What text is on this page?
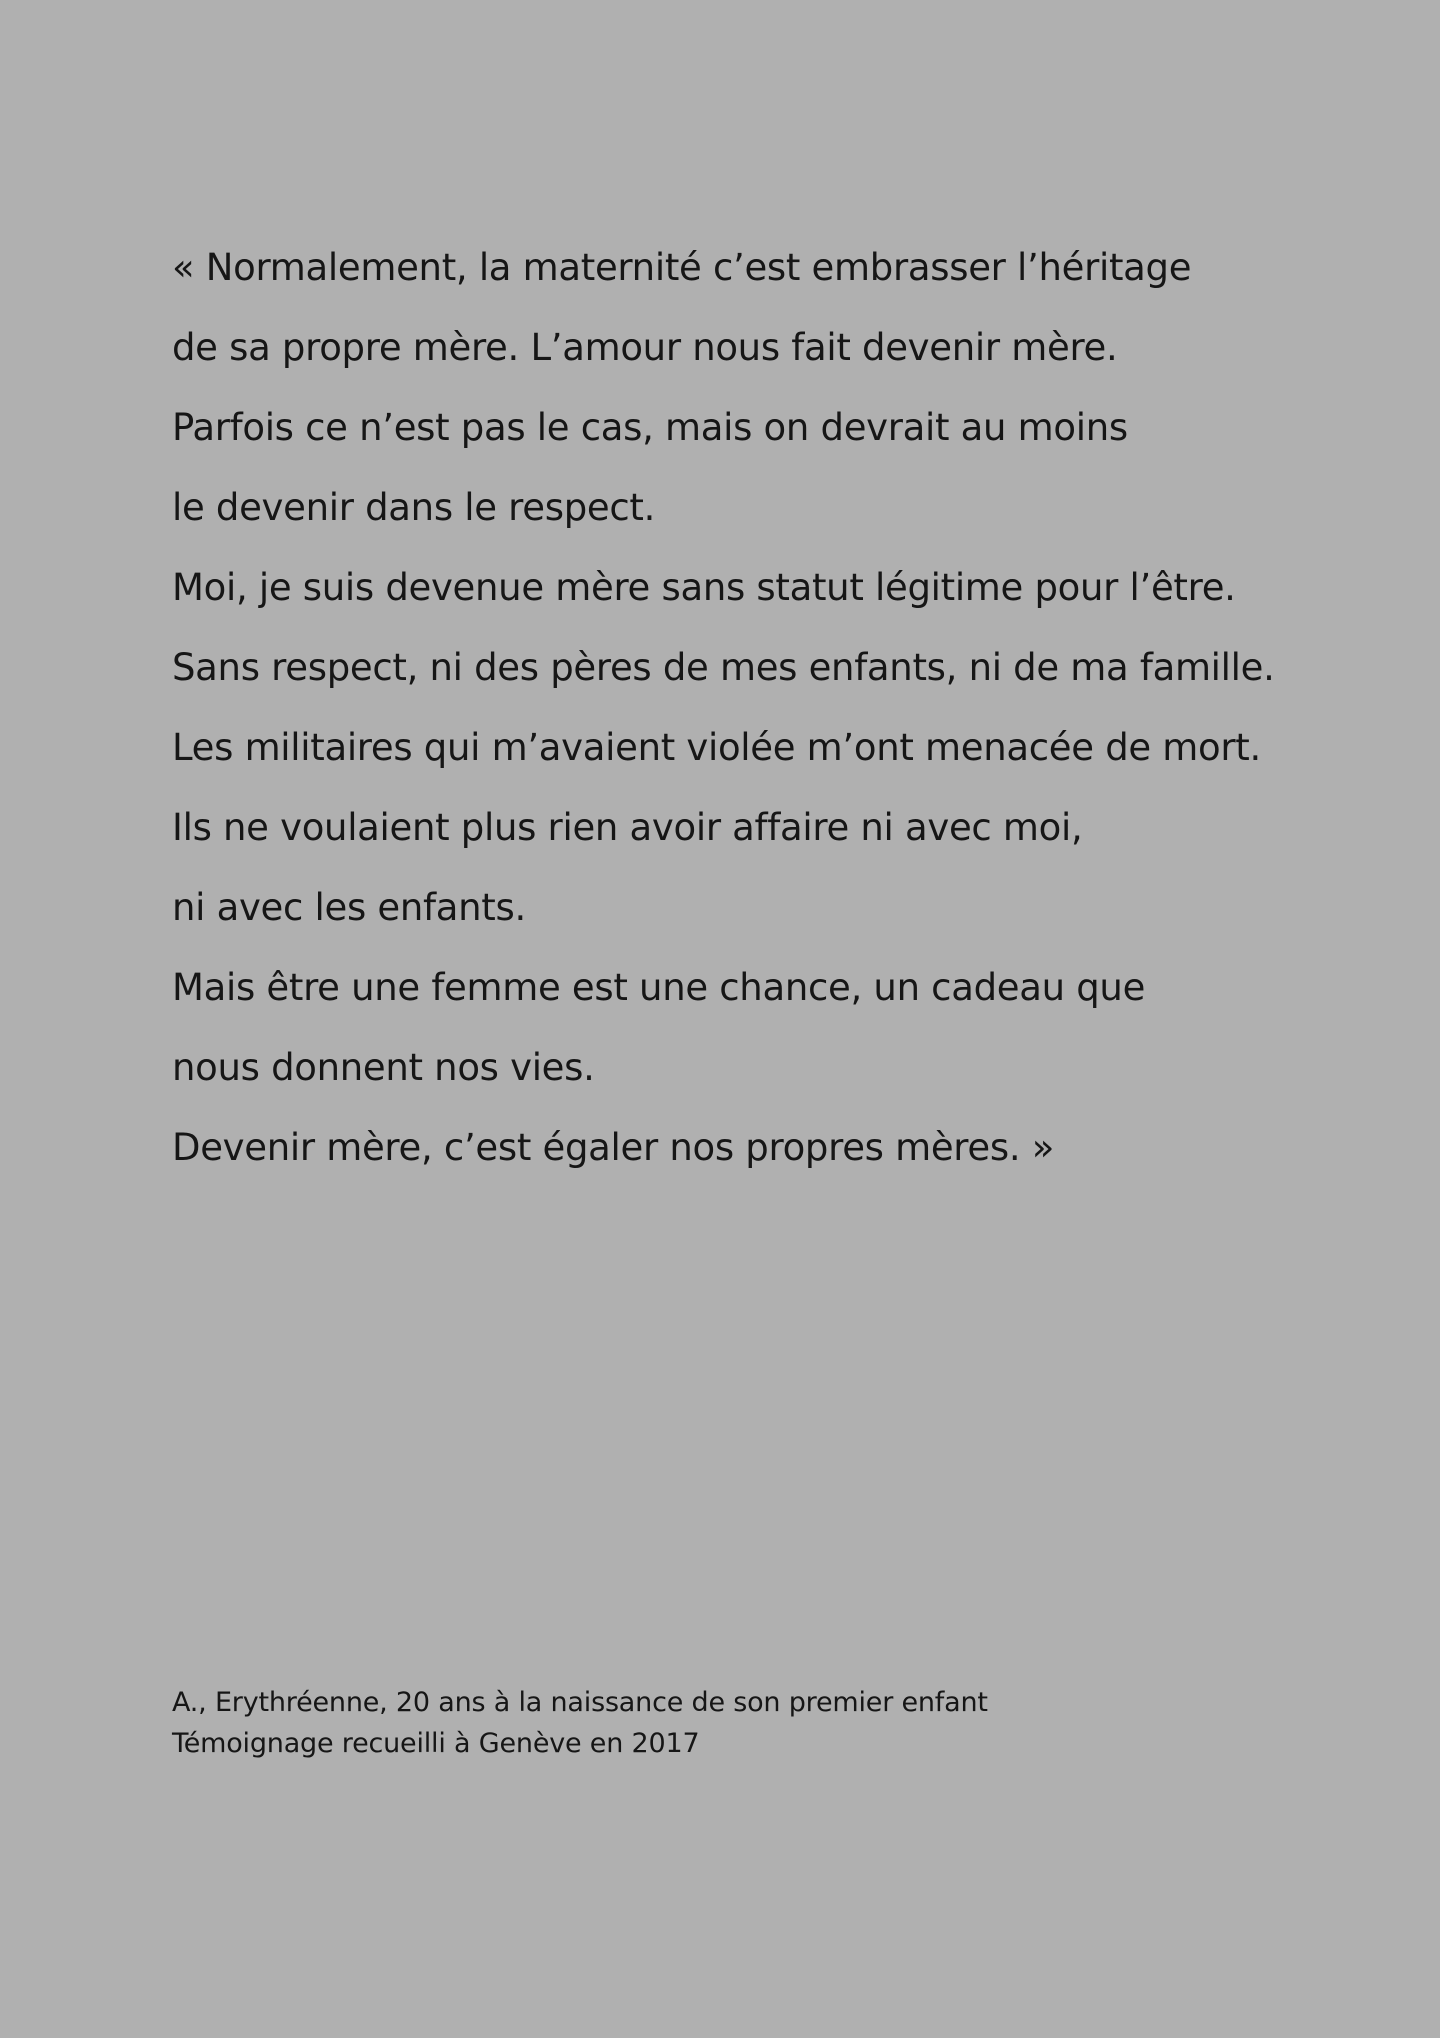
« Normalement, la maternité c’est embrasser l’héritage
de sa propre mère. L’amour nous fait devenir mère.
Parfois ce n’est pas le cas, mais on devrait au moins
le devenir dans le respect.
Moi, je suis devenue mère sans statut légitime pour l’être.
Sans respect, ni des pères de mes enfants, ni de ma famille.
Les militaires qui m’avaient violée m’ont menacée de mort.
Ils ne voulaient plus rien avoir affaire ni avec moi,
ni avec les enfants.
Mais être une femme est une chance, un cadeau que
nous donnent nos vies.
Devenir mère, c’est égaler nos propres mères. »
A., Erythréenne, 20 ans à la naissance de son premier enfant
Témoignage recueilli à Genève en 2017
